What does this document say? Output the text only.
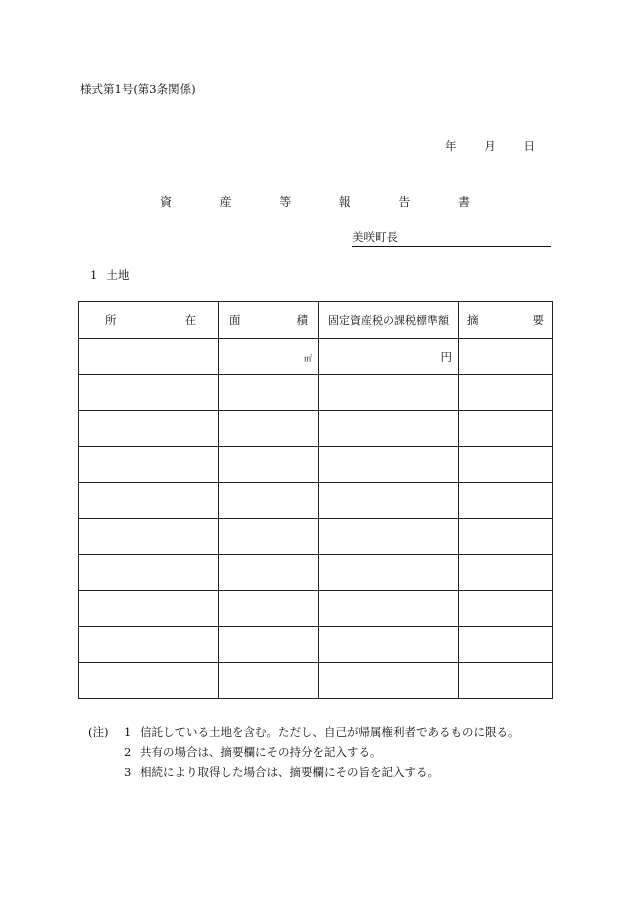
様式第1号(第3条関係)
年 月 日
資	産	等	報	告	書
美咲町長
1 土地
所 在	面 積	固定資産税の課税標準額	摘 要

	㎡	円	

(注)	1 信託している土地を含む。ただし、自己が帰属権利者であるものに限る。
2 共有の場合は、摘要欄にその持分を記入する。
3 相続により取得した場合は、摘要欄にその旨を記入する。
